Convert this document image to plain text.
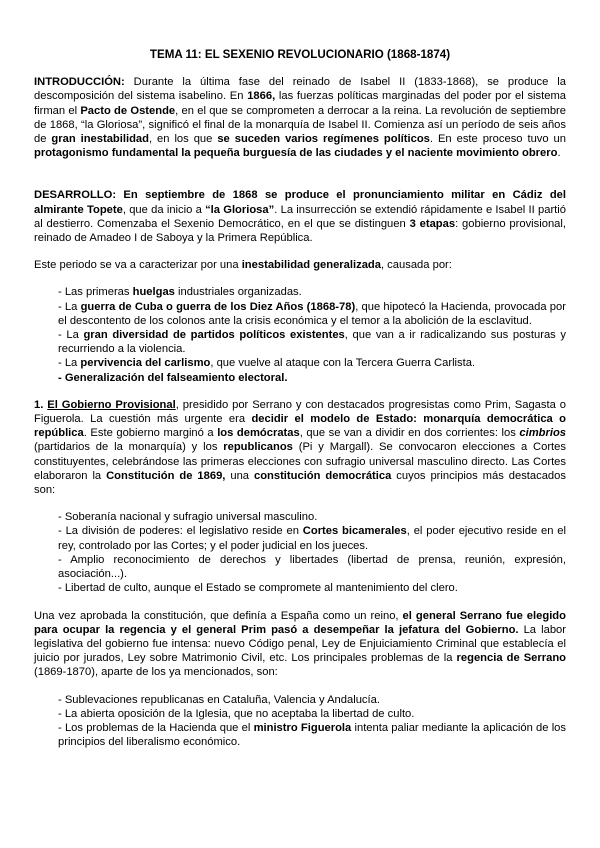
TEMA 11: EL SEXENIO REVOLUCIONARIO (1868-1874)

INTRODUCCIÓN: Durante la última fase del reinado de Isabel II (1833-1868), se produce la descomposición del sistema isabelino. En 1866, las fuerzas políticas marginadas del poder por el sistema firman el Pacto de Ostende, en el que se comprometen a derrocar a la reina. La revolución de septiembre de 1868, “la Gloriosa”, significó el final de la monarquía de Isabel II. Comienza así un período de seis años de gran inestabilidad, en los que se suceden varios regímenes políticos. En este proceso tuvo un protagonismo fundamental la pequeña burguesía de las ciudades y el naciente movimiento obrero.

DESARROLLO: En septiembre de 1868 se produce el pronunciamiento militar en Cádiz del almirante Topete, que da inicio a “la Gloriosa”. La insurrección se extendió rápidamente e Isabel II partió al destierro. Comenzaba el Sexenio Democrático, en el que se distinguen 3 etapas: gobierno provisional, reinado de Amadeo I de Saboya y la Primera República.

Este periodo se va a caracterizar por una inestabilidad generalizada, causada por:

- Las primeras huelgas industriales organizadas.
- La guerra de Cuba o guerra de los Diez Años (1868-78), que hipotecó la Hacienda, provocada por el descontento de los colonos ante la crisis económica y el temor a la abolición de la esclavitud.
- La gran diversidad de partidos políticos existentes, que van a ir radicalizando sus posturas y recurriendo a la violencia.
- La pervivencia del carlismo, que vuelve al ataque con la Tercera Guerra Carlista.
- Generalización del falseamiento electoral.

1. El Gobierno Provisional, presidido por Serrano y con destacados progresistas como Prim, Sagasta o Figuerola. La cuestión más urgente era decidir el modelo de Estado: monarquía democrática o república. Este gobierno marginó a los demócratas, que se van a dividir en dos corrientes: los cimbrios (partidarios de la monarquía) y los republicanos (Pi y Margall). Se convocaron elecciones a Cortes constituyentes, celebrándose las primeras elecciones con sufragio universal masculino directo. Las Cortes elaboraron la Constitución de 1869, una constitución democrática cuyos principios más destacados son:

- Soberanía nacional y sufragio universal masculino.
- La división de poderes: el legislativo reside en Cortes bicamerales, el poder ejecutivo reside en el rey, controlado por las Cortes; y el poder judicial en los jueces.
- Amplio reconocimiento de derechos y libertades (libertad de prensa, reunión, expresión, asociación...).
- Libertad de culto, aunque el Estado se compromete al mantenimiento del clero.

Una vez aprobada la constitución, que definía a España como un reino, el general Serrano fue elegido para ocupar la regencia y el general Prim pasó a desempeñar la jefatura del Gobierno. La labor legislativa del gobierno fue intensa: nuevo Código penal, Ley de Enjuiciamiento Criminal que establecía el juicio por jurados, Ley sobre Matrimonio Civil, etc. Los principales problemas de la regencia de Serrano (1869-1870), aparte de los ya mencionados, son:

- Sublevaciones republicanas en Cataluña, Valencia y Andalucía.
- La abierta oposición de la Iglesia, que no aceptaba la libertad de culto.
- Los problemas de la Hacienda que el ministro Figuerola intenta paliar mediante la aplicación de los principios del liberalismo económico.
